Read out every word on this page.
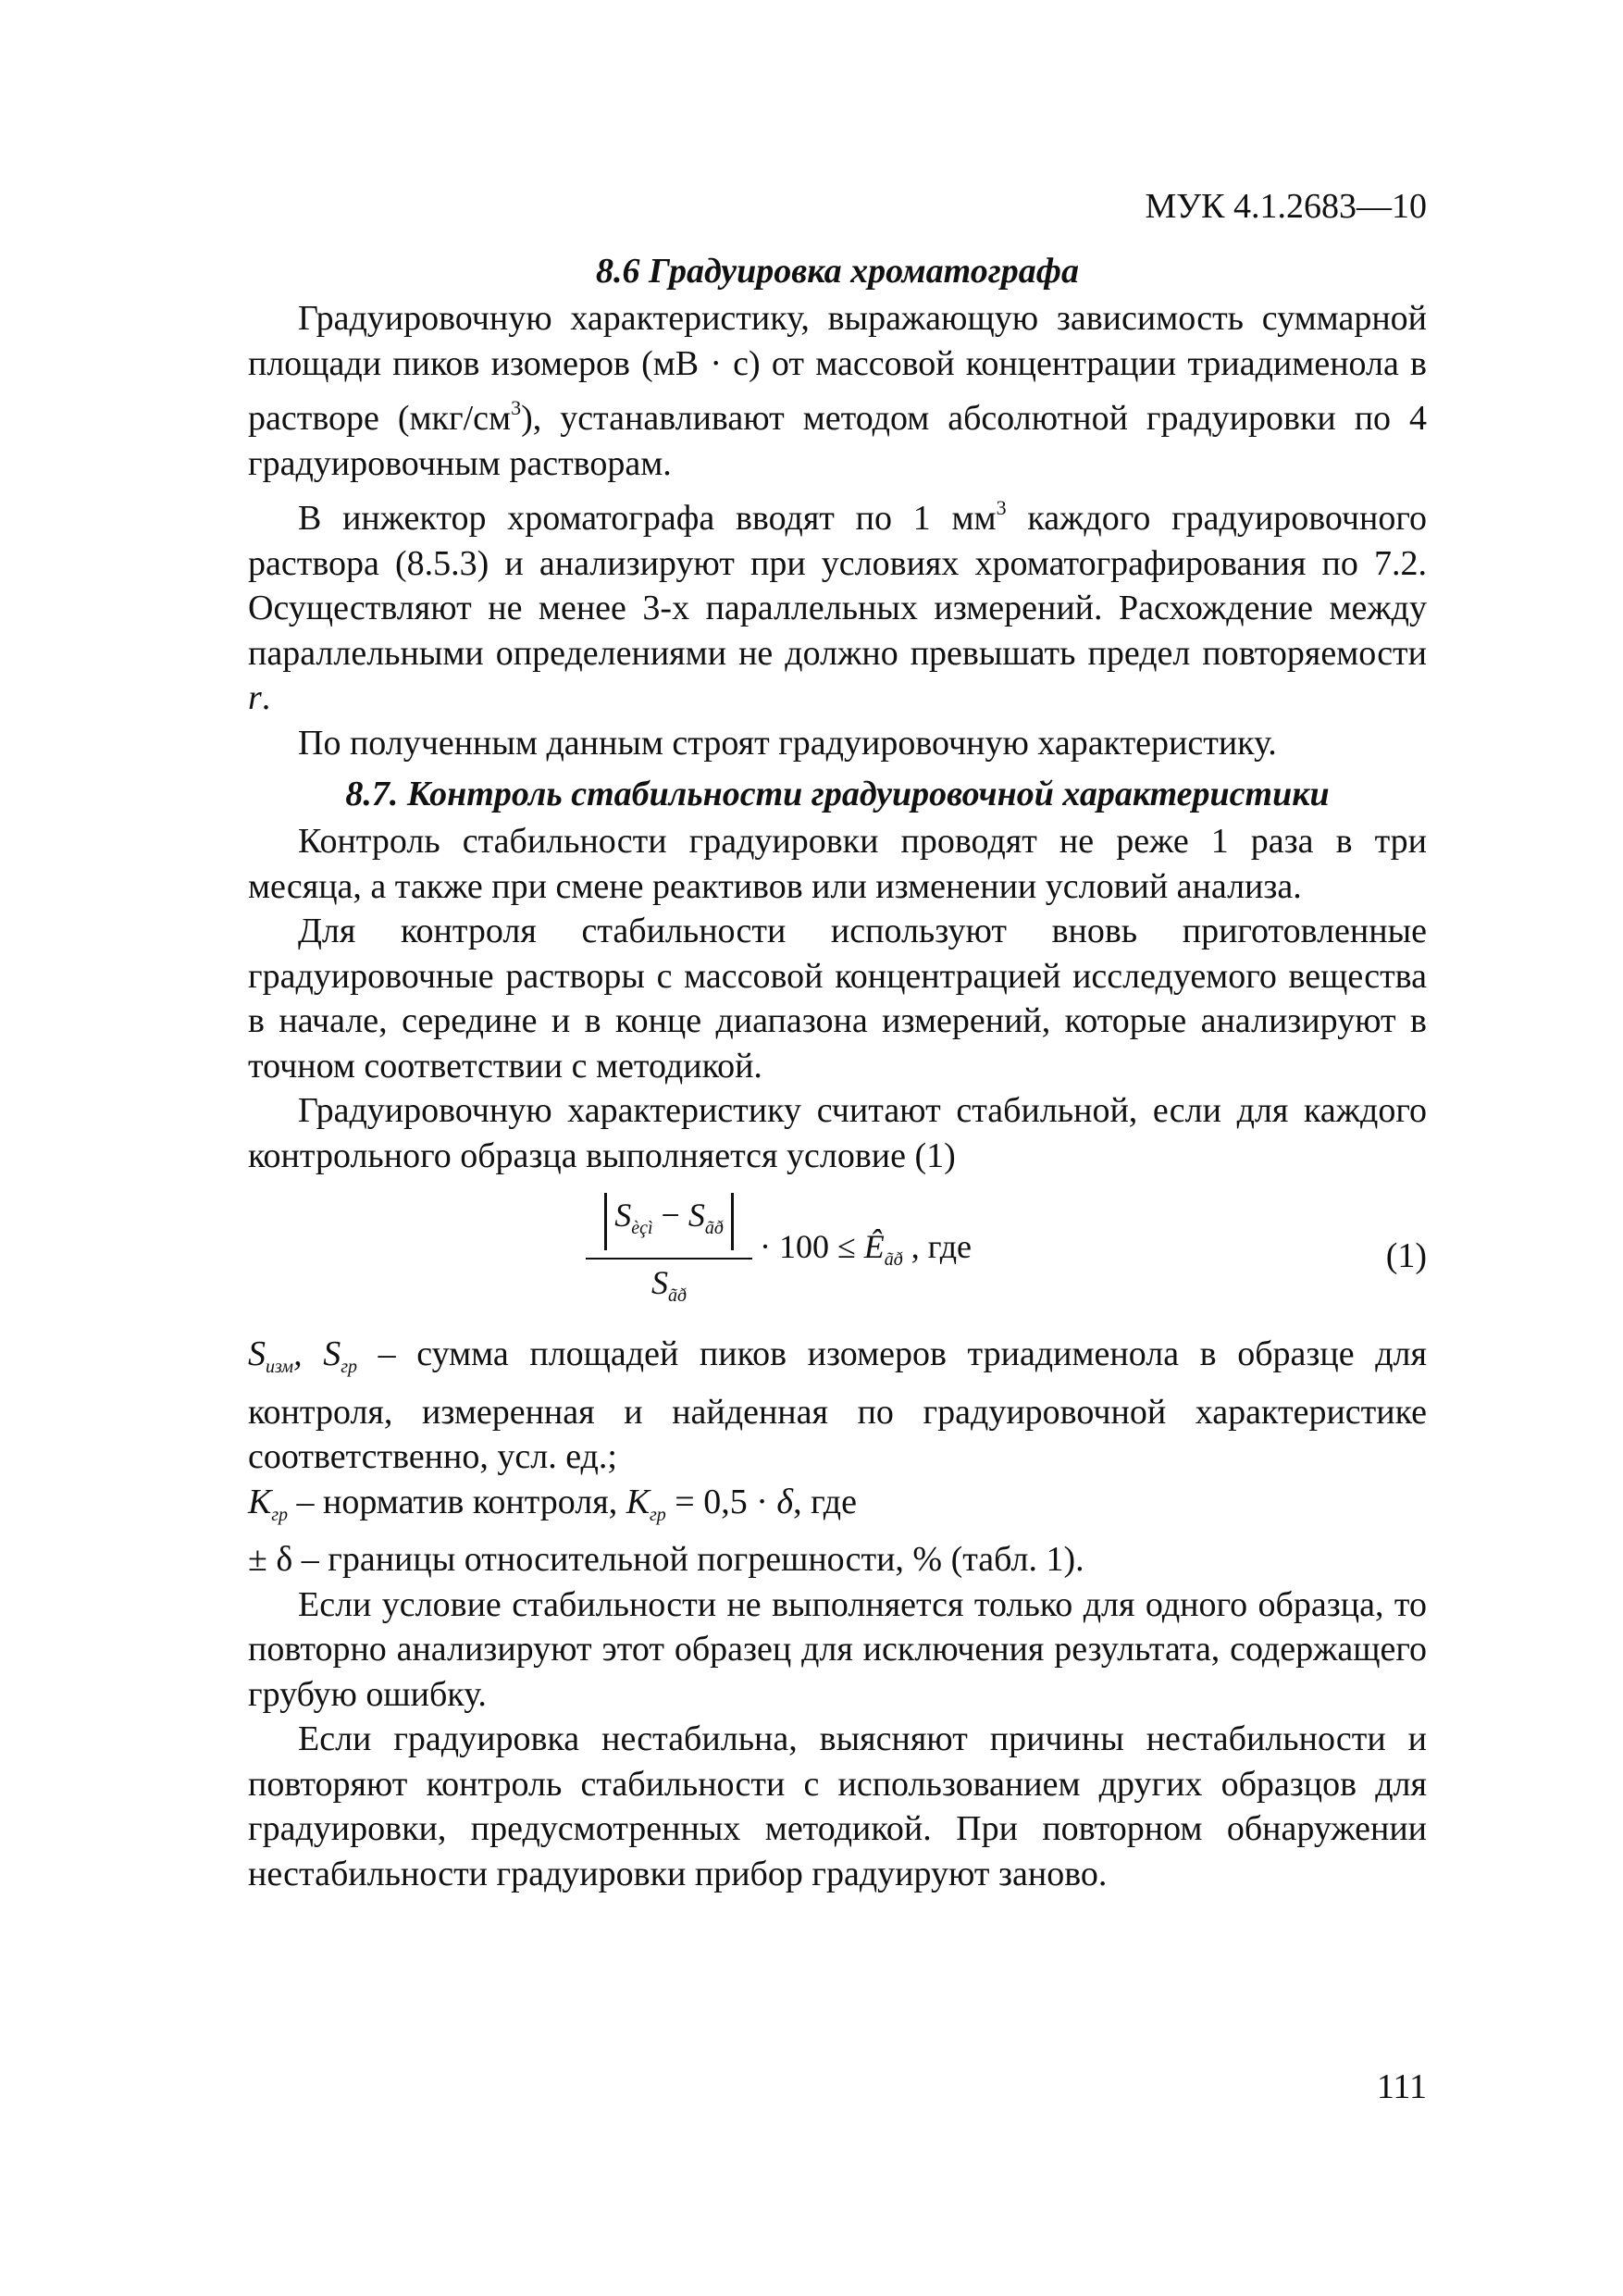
МУК 4.1.2683—10
8.6 Градуировка хроматографа

Градуировочную характеристику, выражающую зависимость суммарной площади пиков изомеров (мВ · с) от массовой концентрации триадименола в растворе $(мкг/см^3)$, устанавливают методом абсолютной градуировки по 4 градуировочным растворам.

В инжектор хроматографа вводят по 1 $мм^3$ каждого градуировочного раствора (8.5.3) и анализируют при условиях хроматографирования по 7.2. Осуществляют не менее 3-х параллельных измерений. Расхождение между параллельными определениями не должно превышать предел повторяемости r.

По полученным данным строят градуировочную характеристику.

8.7. Контроль стабильности градуировочной характеристики

Контроль стабильности градуировки проводят не реже 1 раза в три месяца, а также при смене реактивов или изменении условий анализа.

Для контроля стабильности используют вновь приготовленные градуировочные растворы с массовой концентрацией исследуемого вещества в начале, середине и в конце диапазона измерений, которые анализируют в точном соответствии с методикой.

Градуировочную характеристику считают стабильной, если для каждого контрольного образца выполняется условие (1)

$S_{èçì} - S_{ãð}$
$S_{ãð}$
· $100 \le Ê_{ãð}$ , где	(1)

$S_{изм}$, $S_{гр}$ – сумма площадей пиков изомеров триадименола в образце для контроля, измеренная и найденная по градуировочной характеристике соответственно, усл. ед.;

$К_{гр}$ – норматив контроля, $К_{гр} = 0,5 \cdot \delta$, где

± δ – границы относительной погрешности, % (табл. 1).

Если условие стабильности не выполняется только для одного образца, то повторно анализируют этот образец для исключения результата, содержащего грубую ошибку.

Если градуировка нестабильна, выясняют причины нестабильности и повторяют контроль стабильности с использованием других образцов для градуировки, предусмотренных методикой. При повторном обнаружении нестабильности градуировки прибор градуируют заново.

111
